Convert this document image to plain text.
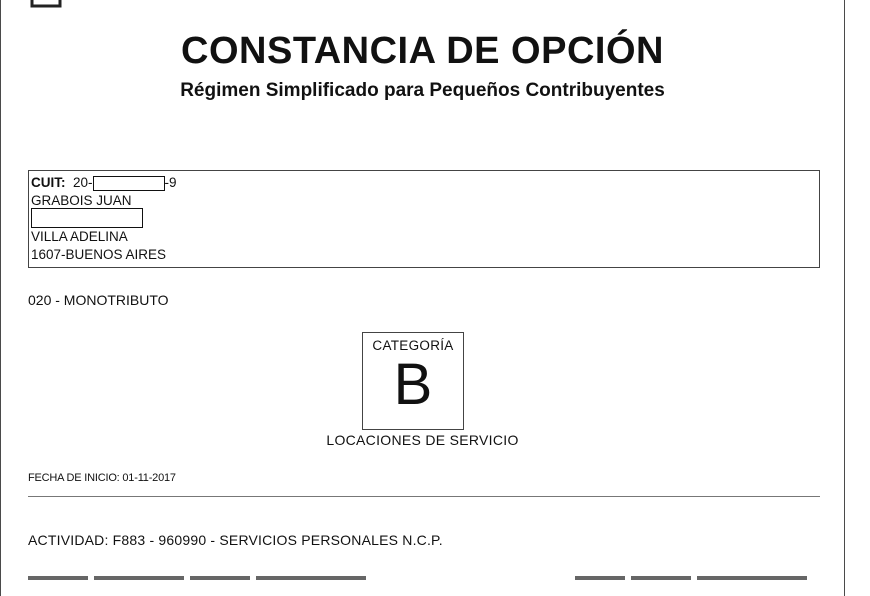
CONSTANCIA DE OPCIÓN
Régimen Simplificado para Pequeños Contribuyentes
CUIT: 20-	-9
GRABOIS JUAN
VILLA ADELINA
1607-BUENOS AIRES
020 - MONOTRIBUTO
CATEGORÍA
B
LOCACIONES DE SERVICIO
FECHA DE INICIO: 01-11-2017
ACTIVIDAD: F883 - 960990 - SERVICIOS PERSONALES N.C.P.
